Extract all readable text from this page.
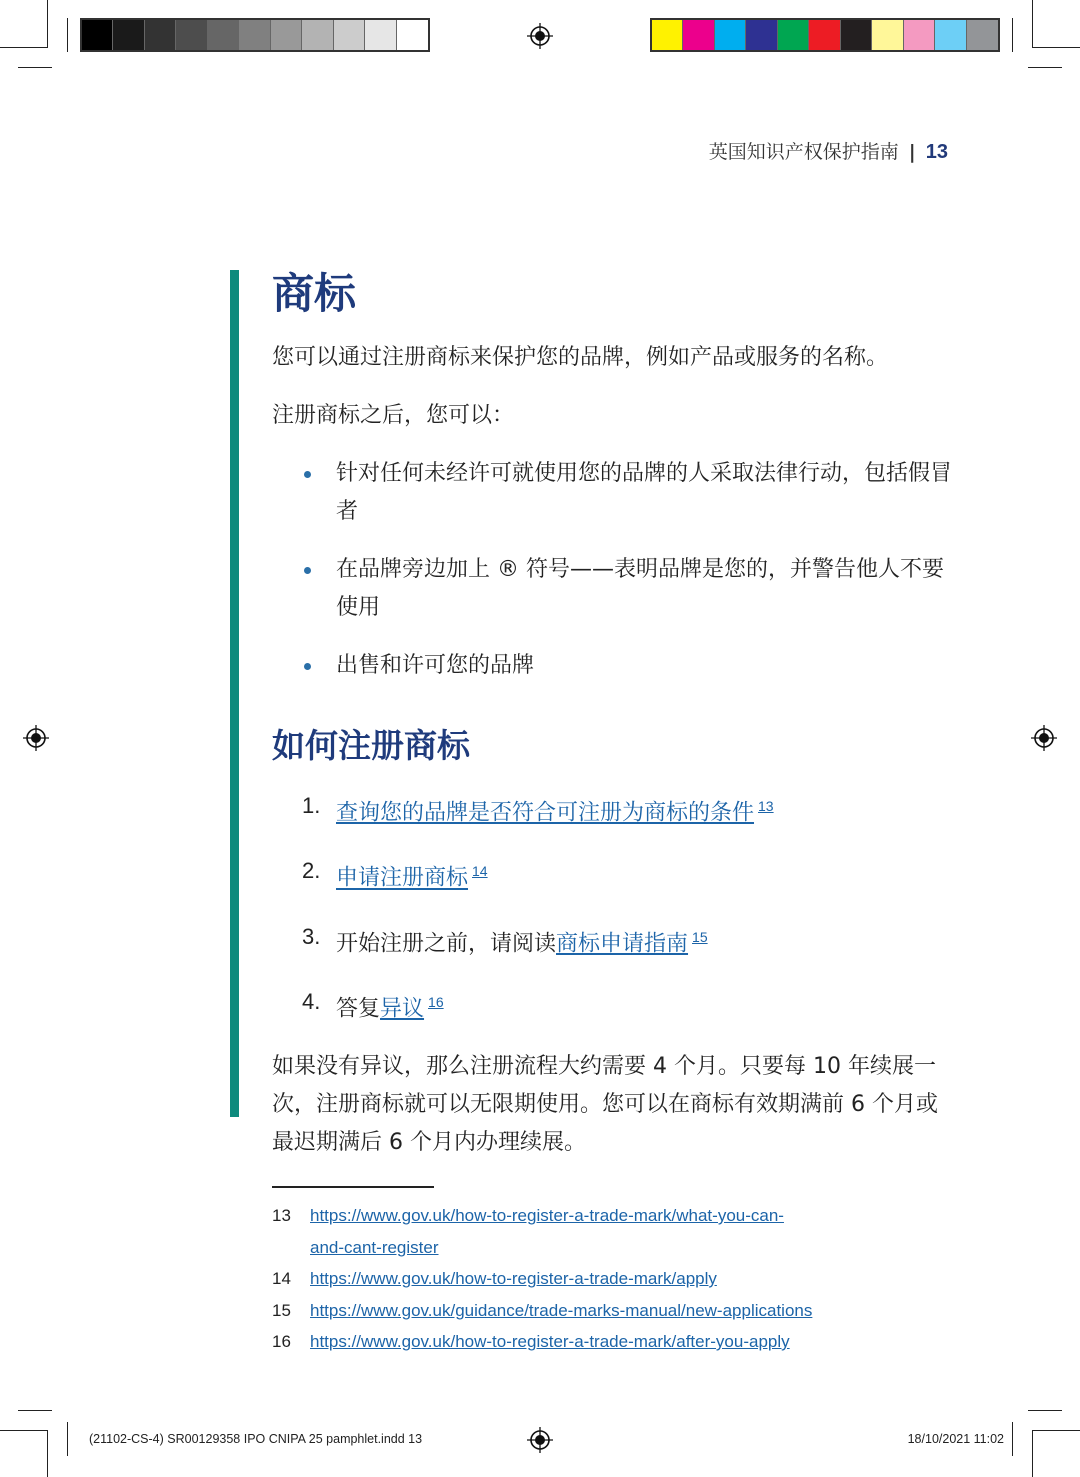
英国知识产权保护指南 | 13
商标

您可以通过注册商标来保护您的品牌，例如产品或服务的名称。

注册商标之后，您可以：

针对任何未经许可就使用您的品牌的人采取法律行动，包括假冒者
在品牌旁边加上 ® 符号——表明品牌是您的，并警告他人不要使用
出售和许可您的品牌
如何注册商标
1. 查询您的品牌是否符合可注册为商标的条件 $^{13}$
2. 申请注册商标 $^{14}$
3. 开始注册之前，请阅读商标申请指南 $^{15}$
4. 答复异议 $^{16}$

如果没有异议，那么注册流程大约需要 4 个月。只要每 10 年续展一次，注册商标就可以无限期使用。您可以在商标有效期满前 6 个月或最迟期满后 6 个月内办理续展。

13	https://www.gov.uk/how-to-register-a-trade-mark/what-you-can-
and-cant-register
14	https://www.gov.uk/how-to-register-a-trade-mark/apply
15	https://www.gov.uk/guidance/trade-marks-manual/new-applications
16	https://www.gov.uk/how-to-register-a-trade-mark/after-you-apply
(21102-CS-4) SR00129358 IPO CNIPA 25 pamphlet.indd 13	18/10/2021 11:02
